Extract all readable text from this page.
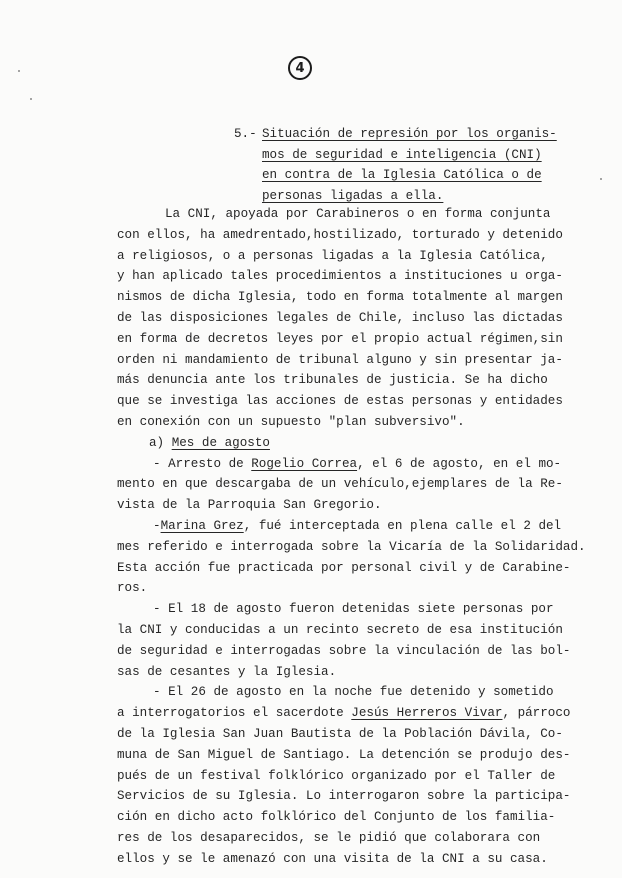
4
5.- Situación de represión por los organis-
mos de seguridad e inteligencia (CNI)
en contra de la Iglesia Católica o de
personas ligadas a ella.
La CNI, apoyada por Carabineros o en forma conjunta
con ellos, ha amedrentado,hostilizado, torturado y detenido
a religiosos, o a personas ligadas a la Iglesia Católica,
y han aplicado tales procedimientos a instituciones u orga-
nismos de dicha Iglesia, todo en forma totalmente al margen
de las disposiciones legales de Chile, incluso las dictadas
en forma de decretos leyes por el propio actual régimen,sin
orden ni mandamiento de tribunal alguno y sin presentar ja-
más denuncia ante los tribunales de justicia. Se ha dicho
que se investiga las acciones de estas personas y entidades
en conexión con un supuesto "plan subversivo".
a) Mes de agosto
- Arresto de Rogelio Correa, el 6 de agosto, en el mo-
mento en que descargaba de un vehículo,ejemplares de la Re-
vista de la Parroquia San Gregorio.
-Marina Grez, fué interceptada en plena calle el 2 del
mes referido e interrogada sobre la Vicaría de la Solidaridad.
Esta acción fue practicada por personal civil y de Carabine-
ros.
- El 18 de agosto fueron detenidas siete personas por
la CNI y conducidas a un recinto secreto de esa institución
de seguridad e interrogadas sobre la vinculación de las bol-
sas de cesantes y la Iglesia.
- El 26 de agosto en la noche fue detenido y sometido
a interrogatorios el sacerdote Jesús Herreros Vivar, párroco
de la Iglesia San Juan Bautista de la Población Dávila, Co-
muna de San Miguel de Santiago. La detención se produjo des-
pués de un festival folklórico organizado por el Taller de
Servicios de su Iglesia. Lo interrogaron sobre la participa-
ción en dicho acto folklórico del Conjunto de los familia-
res de los desaparecidos, se le pidió que colaborara con
ellos y se le amenazó con una visita de la CNI a su casa.
